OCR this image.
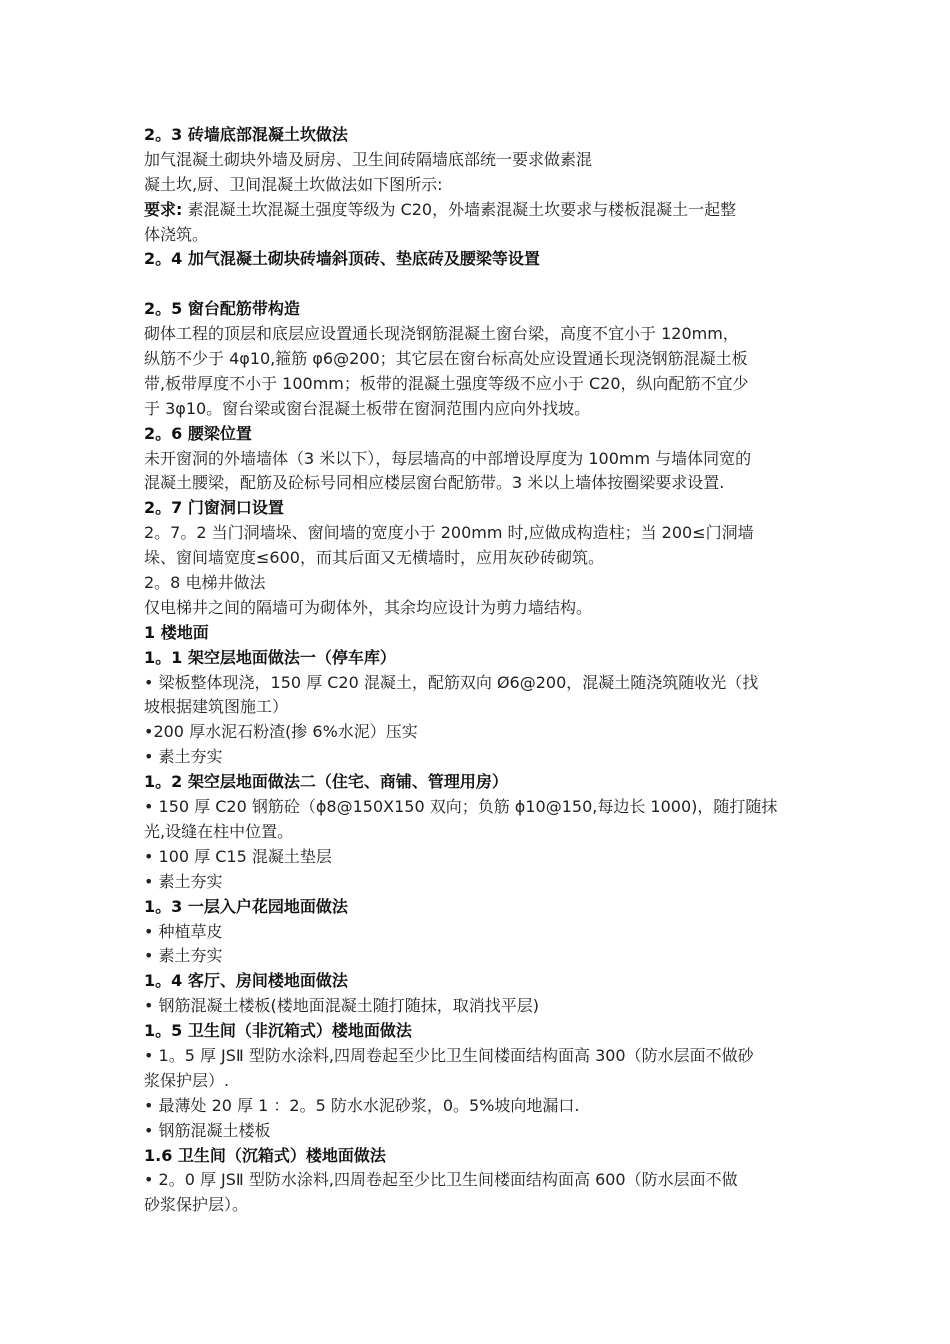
2。3 砖墙底部混凝土坎做法
加气混凝土砌块外墙及厨房、卫生间砖隔墙底部统一要求做素混
凝土坎,厨、卫间混凝土坎做法如下图所示:
要求: 素混凝土坎混凝土强度等级为 C20，外墙素混凝土坎要求与楼板混凝土一起整
体浇筑。
2。4 加气混凝土砌块砖墙斜顶砖、垫底砖及腰梁等设置
2。5 窗台配筋带构造
砌体工程的顶层和底层应设置通长现浇钢筋混凝土窗台梁，高度不宜小于 120mm，
纵筋不少于 4φ10,箍筋 φ6@200；其它层在窗台标高处应设置通长现浇钢筋混凝土板
带,板带厚度不小于 100mm；板带的混凝土强度等级不应小于 C20，纵向配筋不宜少
于 3φ10。窗台梁或窗台混凝土板带在窗洞范围内应向外找坡。
2。6 腰梁位置
未开窗洞的外墙墙体（3 米以下），每层墙高的中部增设厚度为 100mm 与墙体同宽的
混凝土腰梁，配筋及砼标号同相应楼层窗台配筋带。3 米以上墙体按圈梁要求设置.
2。7 门窗洞口设置
2。7。2 当门洞墙垛、窗间墙的宽度小于 200mm 时,应做成构造柱；当 200≤门洞墙
垛、窗间墙宽度≤600，而其后面又无横墙时，应用灰砂砖砌筑。
2。8 电梯井做法
仅电梯井之间的隔墙可为砌体外，其余均应设计为剪力墙结构。
1 楼地面
1。1 架空层地面做法一（停车库）
• 梁板整体现浇，150 厚 C20 混凝土，配筋双向 Ø6@200，混凝土随浇筑随收光（找
坡根据建筑图施工）
•200 厚水泥石粉渣(掺 6%水泥）压实
• 素土夯实
1。2 架空层地面做法二（住宅、商铺、管理用房）
• 150 厚 C20 钢筋砼（ϕ8@150X150 双向；负筋 ϕ10@150,每边长 1000)，随打随抹
光,设缝在柱中位置。
• 100 厚 C15 混凝土垫层
• 素土夯实
1。3 一层入户花园地面做法
• 种植草皮
• 素土夯实
1。4 客厅、房间楼地面做法
• 钢筋混凝土楼板(楼地面混凝土随打随抹，取消找平层)
1。5 卫生间（非沉箱式）楼地面做法
• 1。5 厚 JSⅡ 型防水涂料,四周卷起至少比卫生间楼面结构面高 300（防水层面不做砂
浆保护层）.
• 最薄处 20 厚 1 ：2。5 防水水泥砂浆，0。5%坡向地漏口.
• 钢筋混凝土楼板
1.6 卫生间（沉箱式）楼地面做法
• 2。0 厚 JSⅡ 型防水涂料,四周卷起至少比卫生间楼面结构面高 600（防水层面不做
砂浆保护层）。
